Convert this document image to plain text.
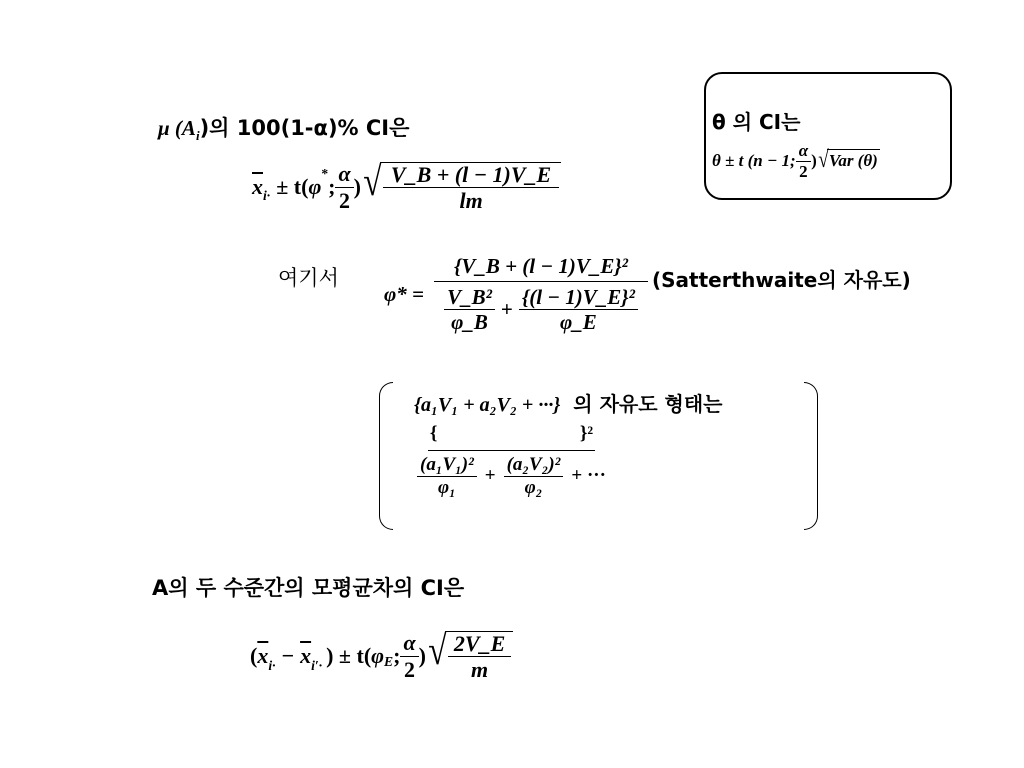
μ $(A_i)$의 100(1-α)% CI은
$\overline{x}_{i\cdot} \pm t$( φ
*
; $\frac{\alpha}{2}$ ) √ $\frac{V\_B + (l - 1)V\_E}{lm}$
θ 의 CI는
θ ± t (n − 1; $\frac{\alpha}{2}$ ) √ Var (θ)
여기서
φ* =
{V_B + (l − 1)V_E}²
$\frac{\text{V\_B²}}{\varphi\_B} + \frac{\text{\{(l − 1)V\_E\}²}}{\varphi\_E}$
(Satterthwaite의 자유도)
{a₁V₁ + a₂V₂ + ···} 의 자유도 형태는
{                              }²
$\frac{\text{(a₁V₁)²}}{\text{φ₁}} + \frac{\text{(a₂V₂)²}}{\text{φ₂}}$ + ···
A의 두 수준간의 모평균차의 CI은
( $\overline{x}_{i\cdot} - \overline{x}_{i'\cdot}$ ) ± t( $\varphi_E$ ; $\frac{\alpha}{2}$ ) √ $\frac{2V\_E}{m}$
